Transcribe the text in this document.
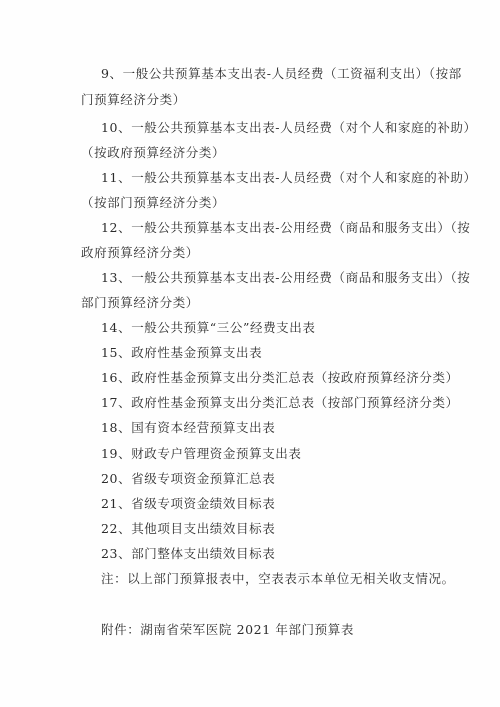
9、一般公共预算基本支出表-人员经费（工资福利支出）（按部
门预算经济分类）
10、一般公共预算基本支出表-人员经费（对个人和家庭的补助）
（按政府预算经济分类）
11、一般公共预算基本支出表-人员经费（对个人和家庭的补助）
（按部门预算经济分类）
12、一般公共预算基本支出表-公用经费（商品和服务支出）（按
政府预算经济分类）
13、一般公共预算基本支出表-公用经费（商品和服务支出）（按
部门预算经济分类）
14、一般公共预算“三公”经费支出表
15、政府性基金预算支出表
16、政府性基金预算支出分类汇总表（按政府预算经济分类）
17、政府性基金预算支出分类汇总表（按部门预算经济分类）
18、国有资本经营预算支出表
19、财政专户管理资金预算支出表
20、省级专项资金预算汇总表
21、省级专项资金绩效目标表
22、其他项目支出绩效目标表
23、部门整体支出绩效目标表
注：以上部门预算报表中，空表表示本单位无相关收支情况。
附件：湖南省荣军医院 2021 年部门预算表
